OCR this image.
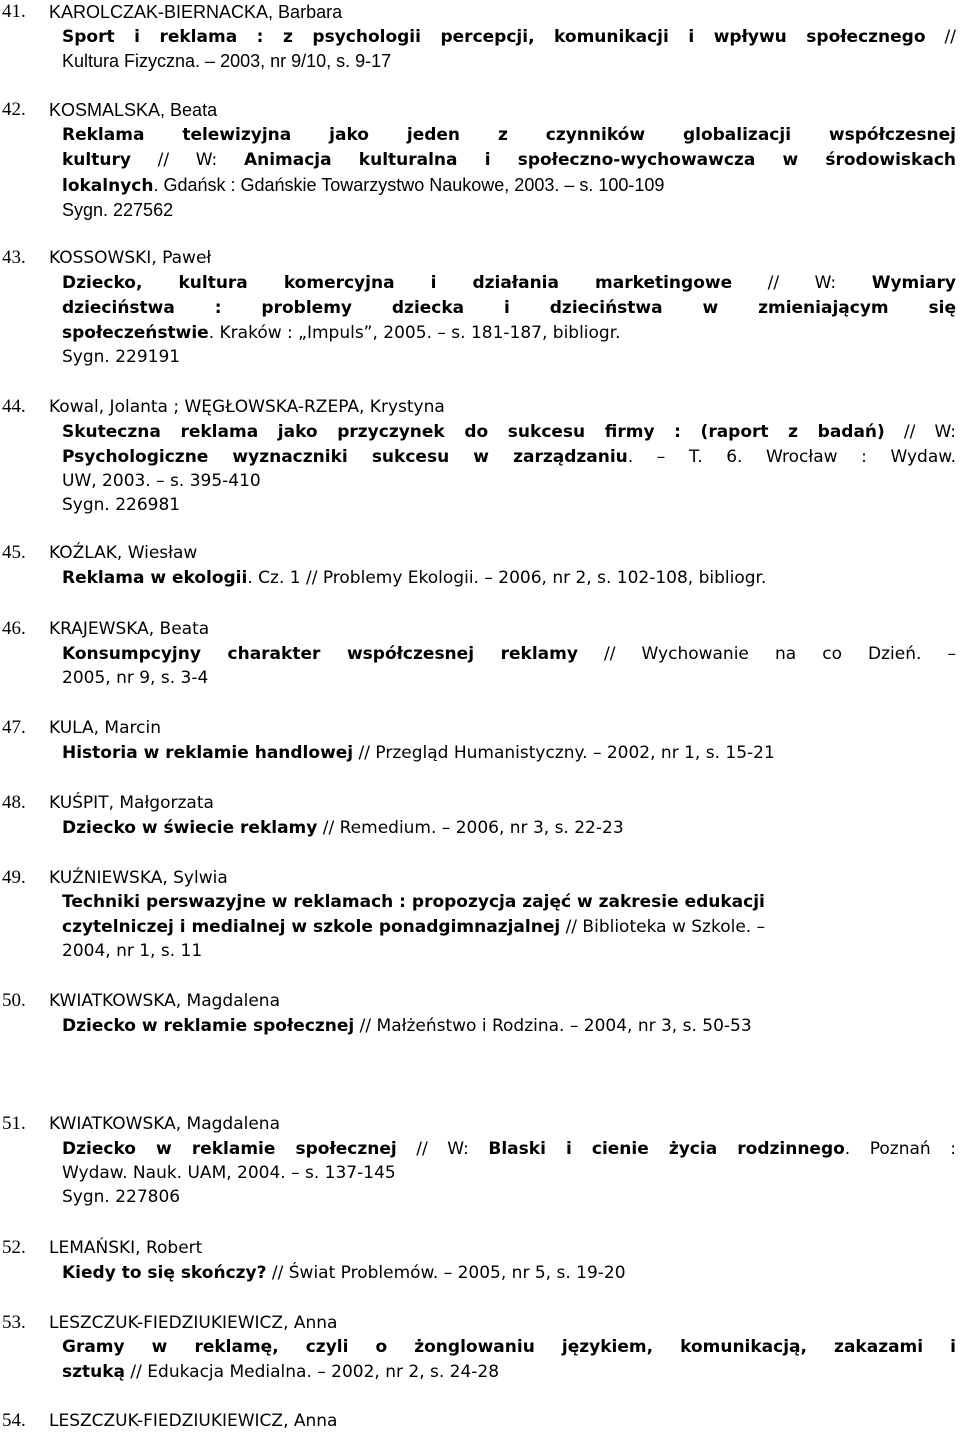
41. KAROLCZAK-BIERNACKA, Barbara
Sport i reklama : z psychologii percepcji, komunikacji i wpływu społecznego //
Kultura Fizyczna. – 2003, nr 9/10, s. 9-17
42. KOSMALSKA, Beata
Reklama telewizyjna jako jeden z czynników globalizacji współczesnej
kultury // W: Animacja kulturalna i społeczno-wychowawcza w środowiskach
lokalnych. Gdańsk : Gdańskie Towarzystwo Naukowe, 2003. – s. 100-109
Sygn. 227562
43. KOSSOWSKI, Paweł
Dziecko, kultura komercyjna i działania marketingowe // W: Wymiary
dzieciństwa : problemy dziecka i dzieciństwa w zmieniającym się
społeczeństwie. Kraków : „Impuls”, 2005. – s. 181-187, bibliogr.
Sygn. 229191
44. Kowal, Jolanta ; WĘGŁOWSKA-RZEPA, Krystyna
Skuteczna reklama jako przyczynek do sukcesu firmy : (raport z badań) // W:
Psychologiczne wyznaczniki sukcesu w zarządzaniu. – T. 6. Wrocław : Wydaw.
UW, 2003. – s. 395-410
Sygn. 226981
45. KOŹLAK, Wiesław
Reklama w ekologii. Cz. 1 // Problemy Ekologii. – 2006, nr 2, s. 102-108, bibliogr.
46. KRAJEWSKA, Beata
Konsumpcyjny charakter współczesnej reklamy // Wychowanie na co Dzień. –
2005, nr 9, s. 3-4
47. KULA, Marcin
Historia w reklamie handlowej // Przegląd Humanistyczny. – 2002, nr 1, s. 15-21
48. KUŚPIT, Małgorzata
Dziecko w świecie reklamy // Remedium. – 2006, nr 3, s. 22-23
49. KUŹNIEWSKA, Sylwia
Techniki perswazyjne w reklamach : propozycja zajęć w zakresie edukacji
czytelniczej i medialnej w szkole ponadgimnazjalnej // Biblioteka w Szkole. –
2004, nr 1, s. 11
50. KWIATKOWSKA, Magdalena
Dziecko w reklamie społecznej // Małżeństwo i Rodzina. – 2004, nr 3, s. 50-53
51. KWIATKOWSKA, Magdalena
Dziecko w reklamie społecznej // W: Blaski i cienie życia rodzinnego. Poznań :
Wydaw. Nauk. UAM, 2004. – s. 137-145
Sygn. 227806
52. LEMAŃSKI, Robert
Kiedy to się skończy? // Świat Problemów. – 2005, nr 5, s. 19-20
53. LESZCZUK-FIEDZIUKIEWICZ, Anna
Gramy w reklamę, czyli o żonglowaniu językiem, komunikacją, zakazami i
sztuką // Edukacja Medialna. – 2002, nr 2, s. 24-28
54. LESZCZUK-FIEDZIUKIEWICZ, Anna
